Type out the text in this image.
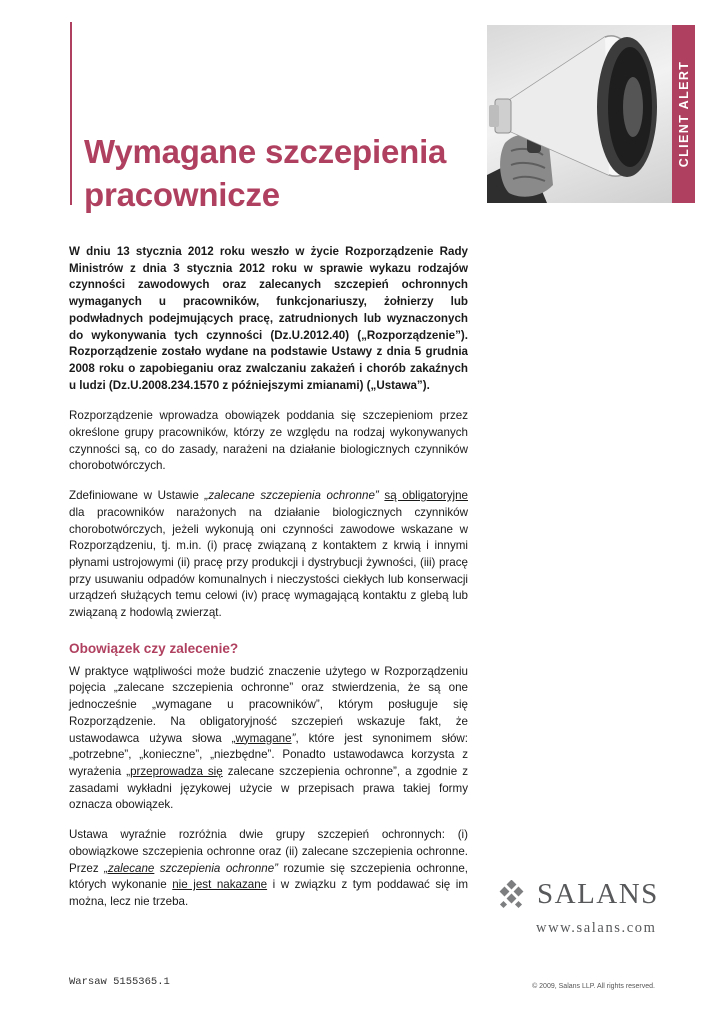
Wymagane szczepienia pracownicze
CLIENT ALERT

W dniu 13 stycznia 2012 roku weszło w życie Rozporządzenie Rady Ministrów z dnia 3 stycznia 2012 roku w sprawie wykazu rodzajów czynności zawodowych oraz zalecanych szczepień ochronnych wymaganych u pracowników, funkcjonariuszy, żołnierzy lub podwładnych podejmujących pracę, zatrudnionych lub wyznaczonych do wykonywania tych czynności (Dz.U.2012.40) („Rozporządzenie”). Rozporządzenie zostało wydane na podstawie Ustawy z dnia 5 grudnia 2008 roku o zapobieganiu oraz zwalczaniu zakażeń i chorób zakaźnych u ludzi (Dz.U.2008.234.1570 z późniejszymi zmianami) („Ustawa”).

Rozporządzenie wprowadza obowiązek poddania się szczepieniom przez określone grupy pracowników, którzy ze względu na rodzaj wykonywanych czynności są, co do zasady, narażeni na działanie biologicznych czynników chorobotwórczych.

Zdefiniowane w Ustawie „zalecane szczepienia ochronne” są obligatoryjne dla pracowników narażonych na działanie biologicznych czynników chorobotwórczych, jeżeli wykonują oni czynności zawodowe wskazane w Rozporządzeniu, tj. m.in. (i) pracę związaną z kontaktem z krwią i innymi płynami ustrojowymi (ii) pracę przy produkcji i dystrybucji żywności, (iii) pracę przy usuwaniu odpadów komunalnych i nieczystości ciekłych lub konserwacji urządzeń służących temu celowi (iv) pracę wymagającą kontaktu z glebą lub związaną z hodowlą zwierząt.

Obowiązek czy zalecenie?

W praktyce wątpliwości może budzić znaczenie użytego w Rozporządzeniu pojęcia „zalecane szczepienia ochronne” oraz stwierdzenia, że są one jednocześnie „wymagane u pracowników”, którym posługuje się Rozporządzenie. Na obligatoryjność szczepień wskazuje fakt, że ustawodawca używa słowa „wymagane”, które jest synonimem słów: „potrzebne”, „konieczne”, „niezbędne”. Ponadto ustawodawca korzysta z wyrażenia „przeprowadza się zalecane szczepienia ochronne”, a zgodnie z zasadami wykładni językowej użycie w przepisach prawa takiej formy oznacza obowiązek.

Ustawa wyraźnie rozróżnia dwie grupy szczepień ochronnych: (i) obowiązkowe szczepienia ochronne oraz (ii) zalecane szczepienia ochronne. Przez „zalecane szczepienia ochronne” rozumie się szczepienia ochronne, których wykonanie nie jest nakazane i w związku z tym poddawać się im można, lecz nie trzeba.	SALANS
www.salans.com
Warsaw 5155365.1	© 2009, Salans LLP. All rights reserved.
